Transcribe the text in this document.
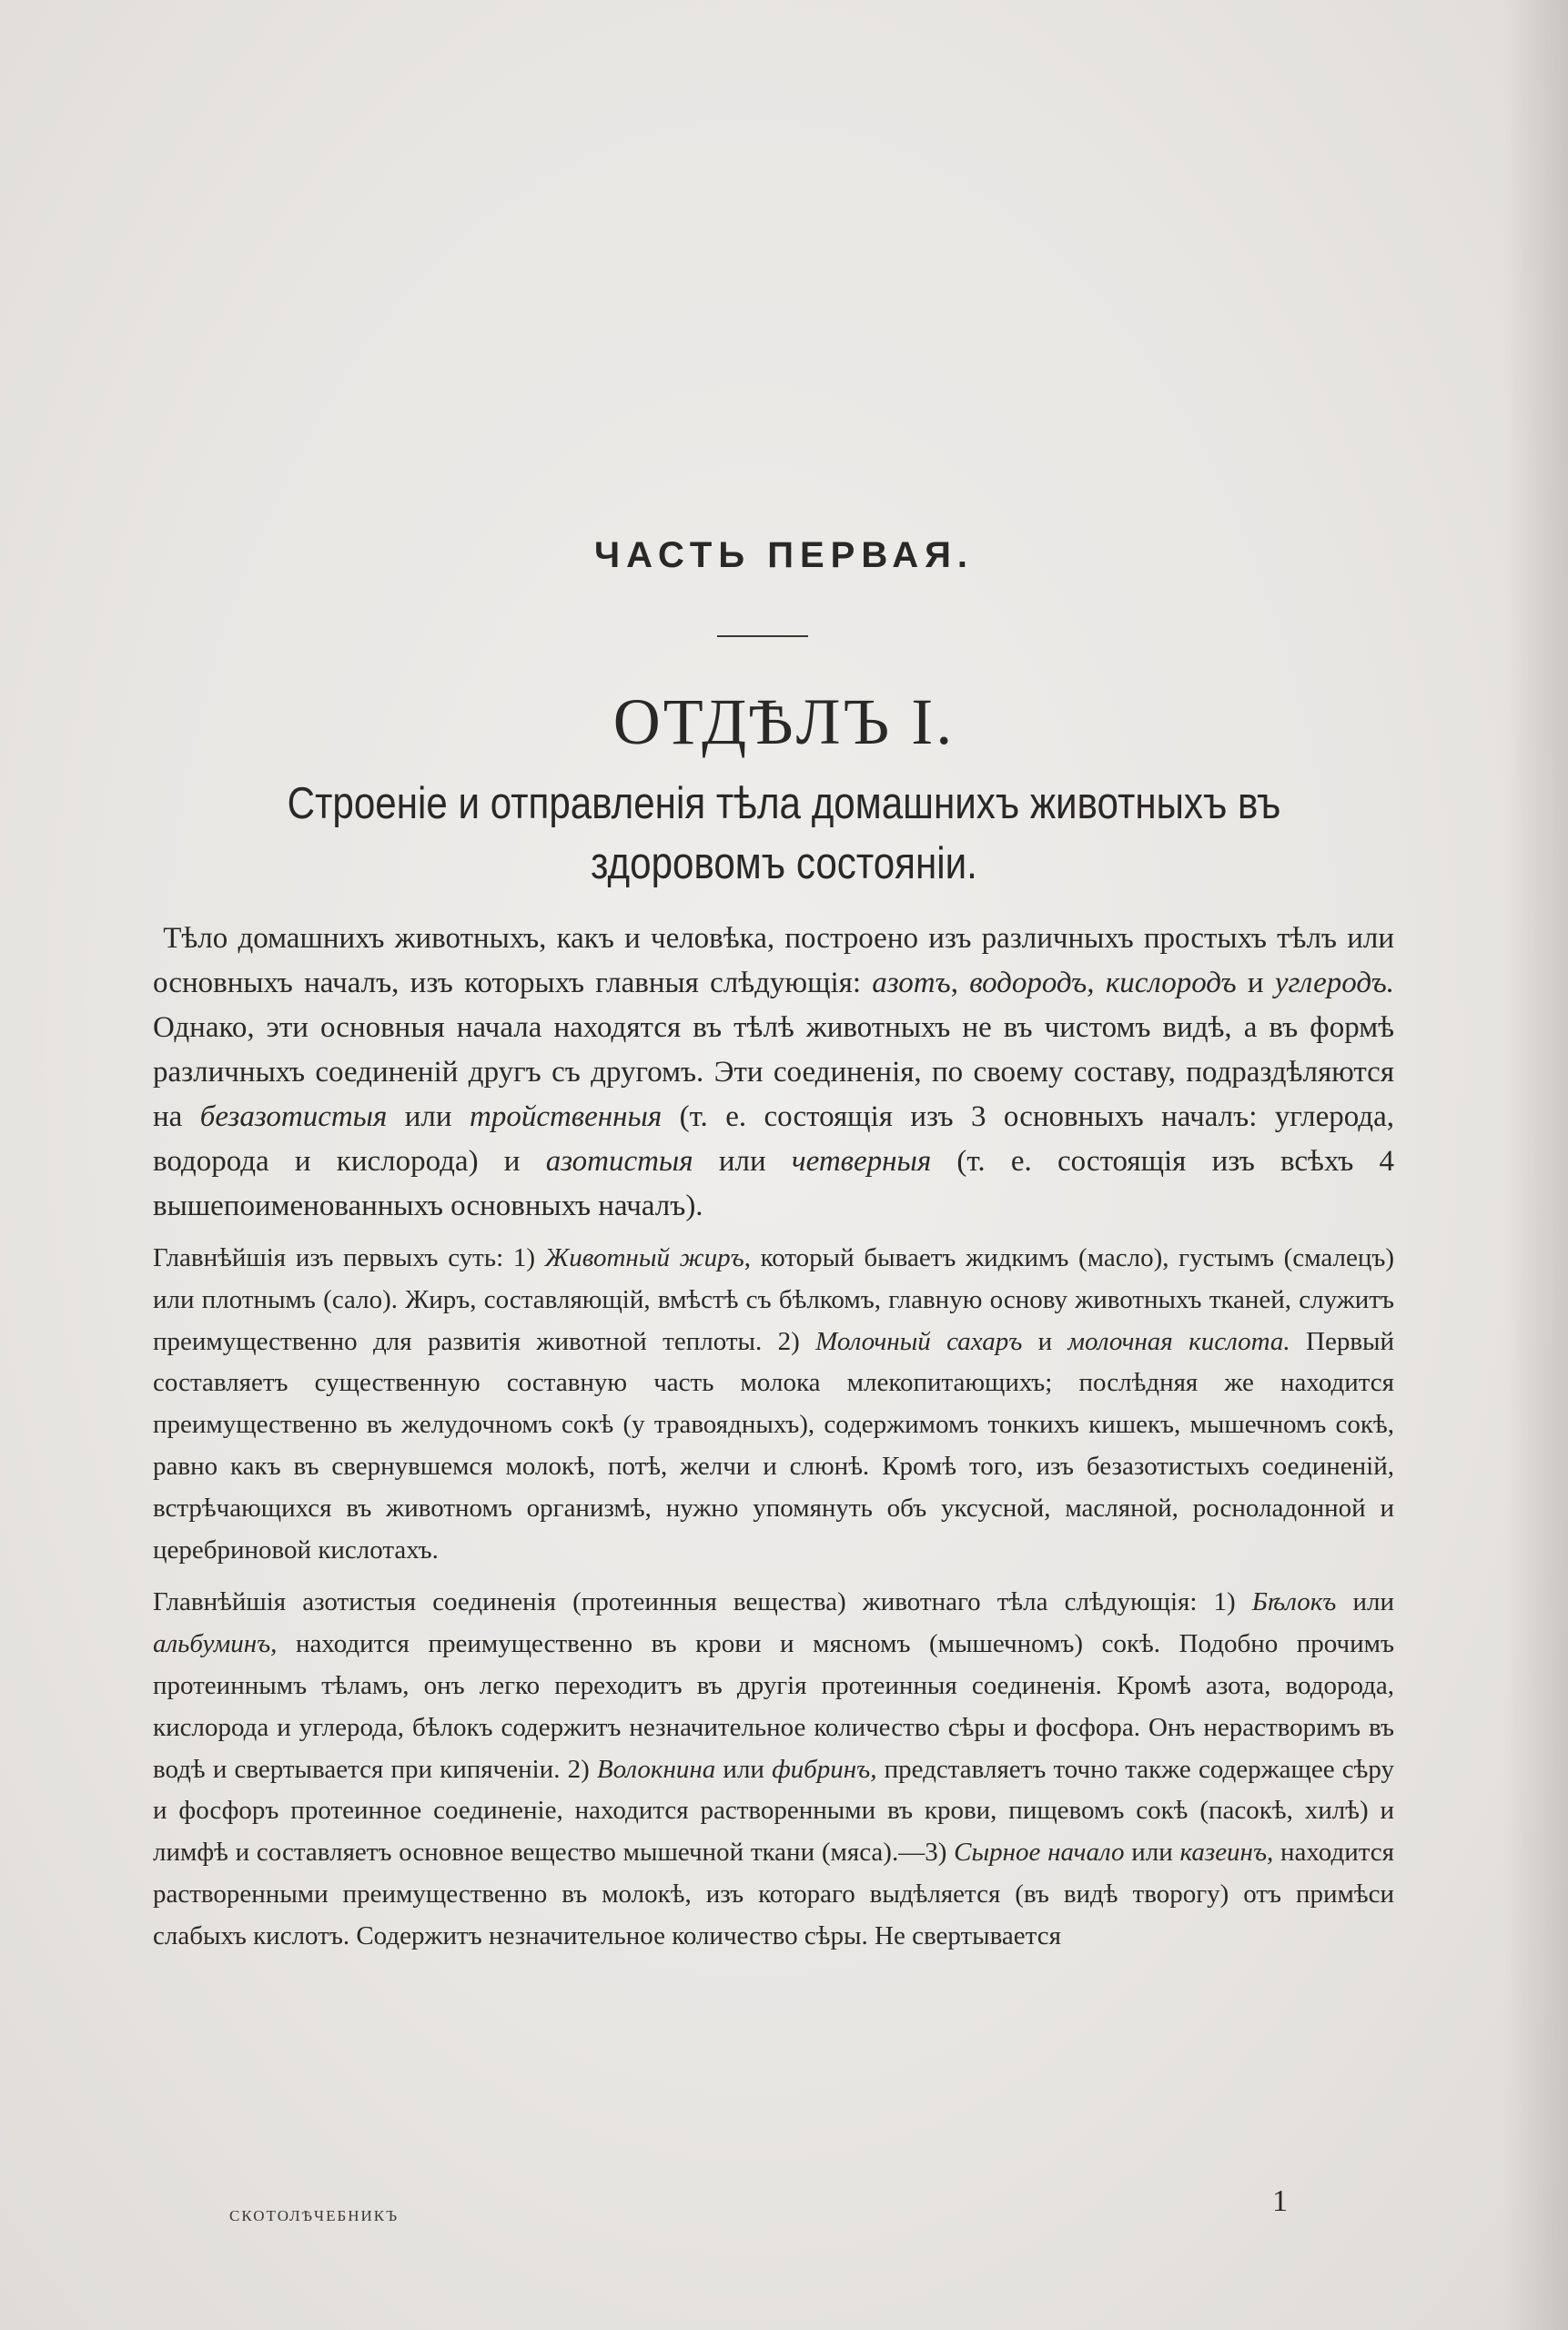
ЧАСТЬ ПЕРВАЯ.
ОТДѢЛЪ I.
Строеніе и отправленія тѣла домашнихъ животныхъ въ здоровомъ состояніи.

Тѣло домашнихъ животныхъ, какъ и человѣка, построено изъ различныхъ простыхъ тѣлъ или основныхъ началъ, изъ которыхъ главныя слѣдующія: азотъ, водородъ, кислородъ и углеродъ. Однако, эти основныя начала находятся въ тѣлѣ животныхъ не въ чистомъ видѣ, а въ формѣ различныхъ соединеній другъ съ другомъ. Эти соединенія, по своему составу, подраздѣляются на безазотистыя или тройственныя (т. е. состоящія изъ 3 основныхъ началъ: углерода, водорода и кислорода) и азотистыя или четверныя (т. е. состоящія изъ всѣхъ 4 вышепоименованныхъ основныхъ началъ).

Главнѣйшія изъ первыхъ суть: 1) Животный жиръ, который бываетъ жидкимъ (масло), густымъ (смалецъ) или плотнымъ (сало). Жиръ, составляющій, вмѣстѣ съ бѣлкомъ, главную основу животныхъ тканей, служитъ преимущественно для развитія животной теплоты. 2) Молочный сахаръ и молочная кислота. Первый составляетъ существенную составную часть молока млекопитающихъ; послѣдняя же находится преимущественно въ желудочномъ сокѣ (у травоядныхъ), содержимомъ тонкихъ кишекъ, мышечномъ сокѣ, равно какъ въ свернувшемся молокѣ, потѣ, желчи и слюнѣ. Кромѣ того, изъ безазотистыхъ соединеній, встрѣчающихся въ животномъ организмѣ, нужно упомянуть объ уксусной, масляной, росноладонной и церебриновой кислотахъ.

Главнѣйшія азотистыя соединенія (протеинныя вещества) животнаго тѣла слѣдующія: 1) Бѣлокъ или альбуминъ, находится преимущественно въ крови и мясномъ (мышечномъ) сокѣ. Подобно прочимъ протеиннымъ тѣламъ, онъ легко переходитъ въ другія протеинныя соединенія. Кромѣ азота, водорода, кислорода и углерода, бѣлокъ содержитъ незначительное количество сѣры и фосфора. Онъ нерастворимъ въ водѣ и свертывается при кипяченіи. 2) Волокнина или фибринъ, представляетъ точно также содержащее сѣру и фосфоръ протеинное соединеніе, находится растворенными въ крови, пищевомъ сокѣ (пасокѣ, хилѣ) и лимфѣ и составляетъ основное вещество мышечной ткани (мяса).—3) Сырное начало или казеинъ, находится растворенными преимущественно въ молокѣ, изъ котораго выдѣляется (въ видѣ творогу) отъ примѣси слабыхъ кислотъ. Содержитъ незначительное количество сѣры. Не свертывается

СКОТОЛѢЧЕБНИКЪ	1
